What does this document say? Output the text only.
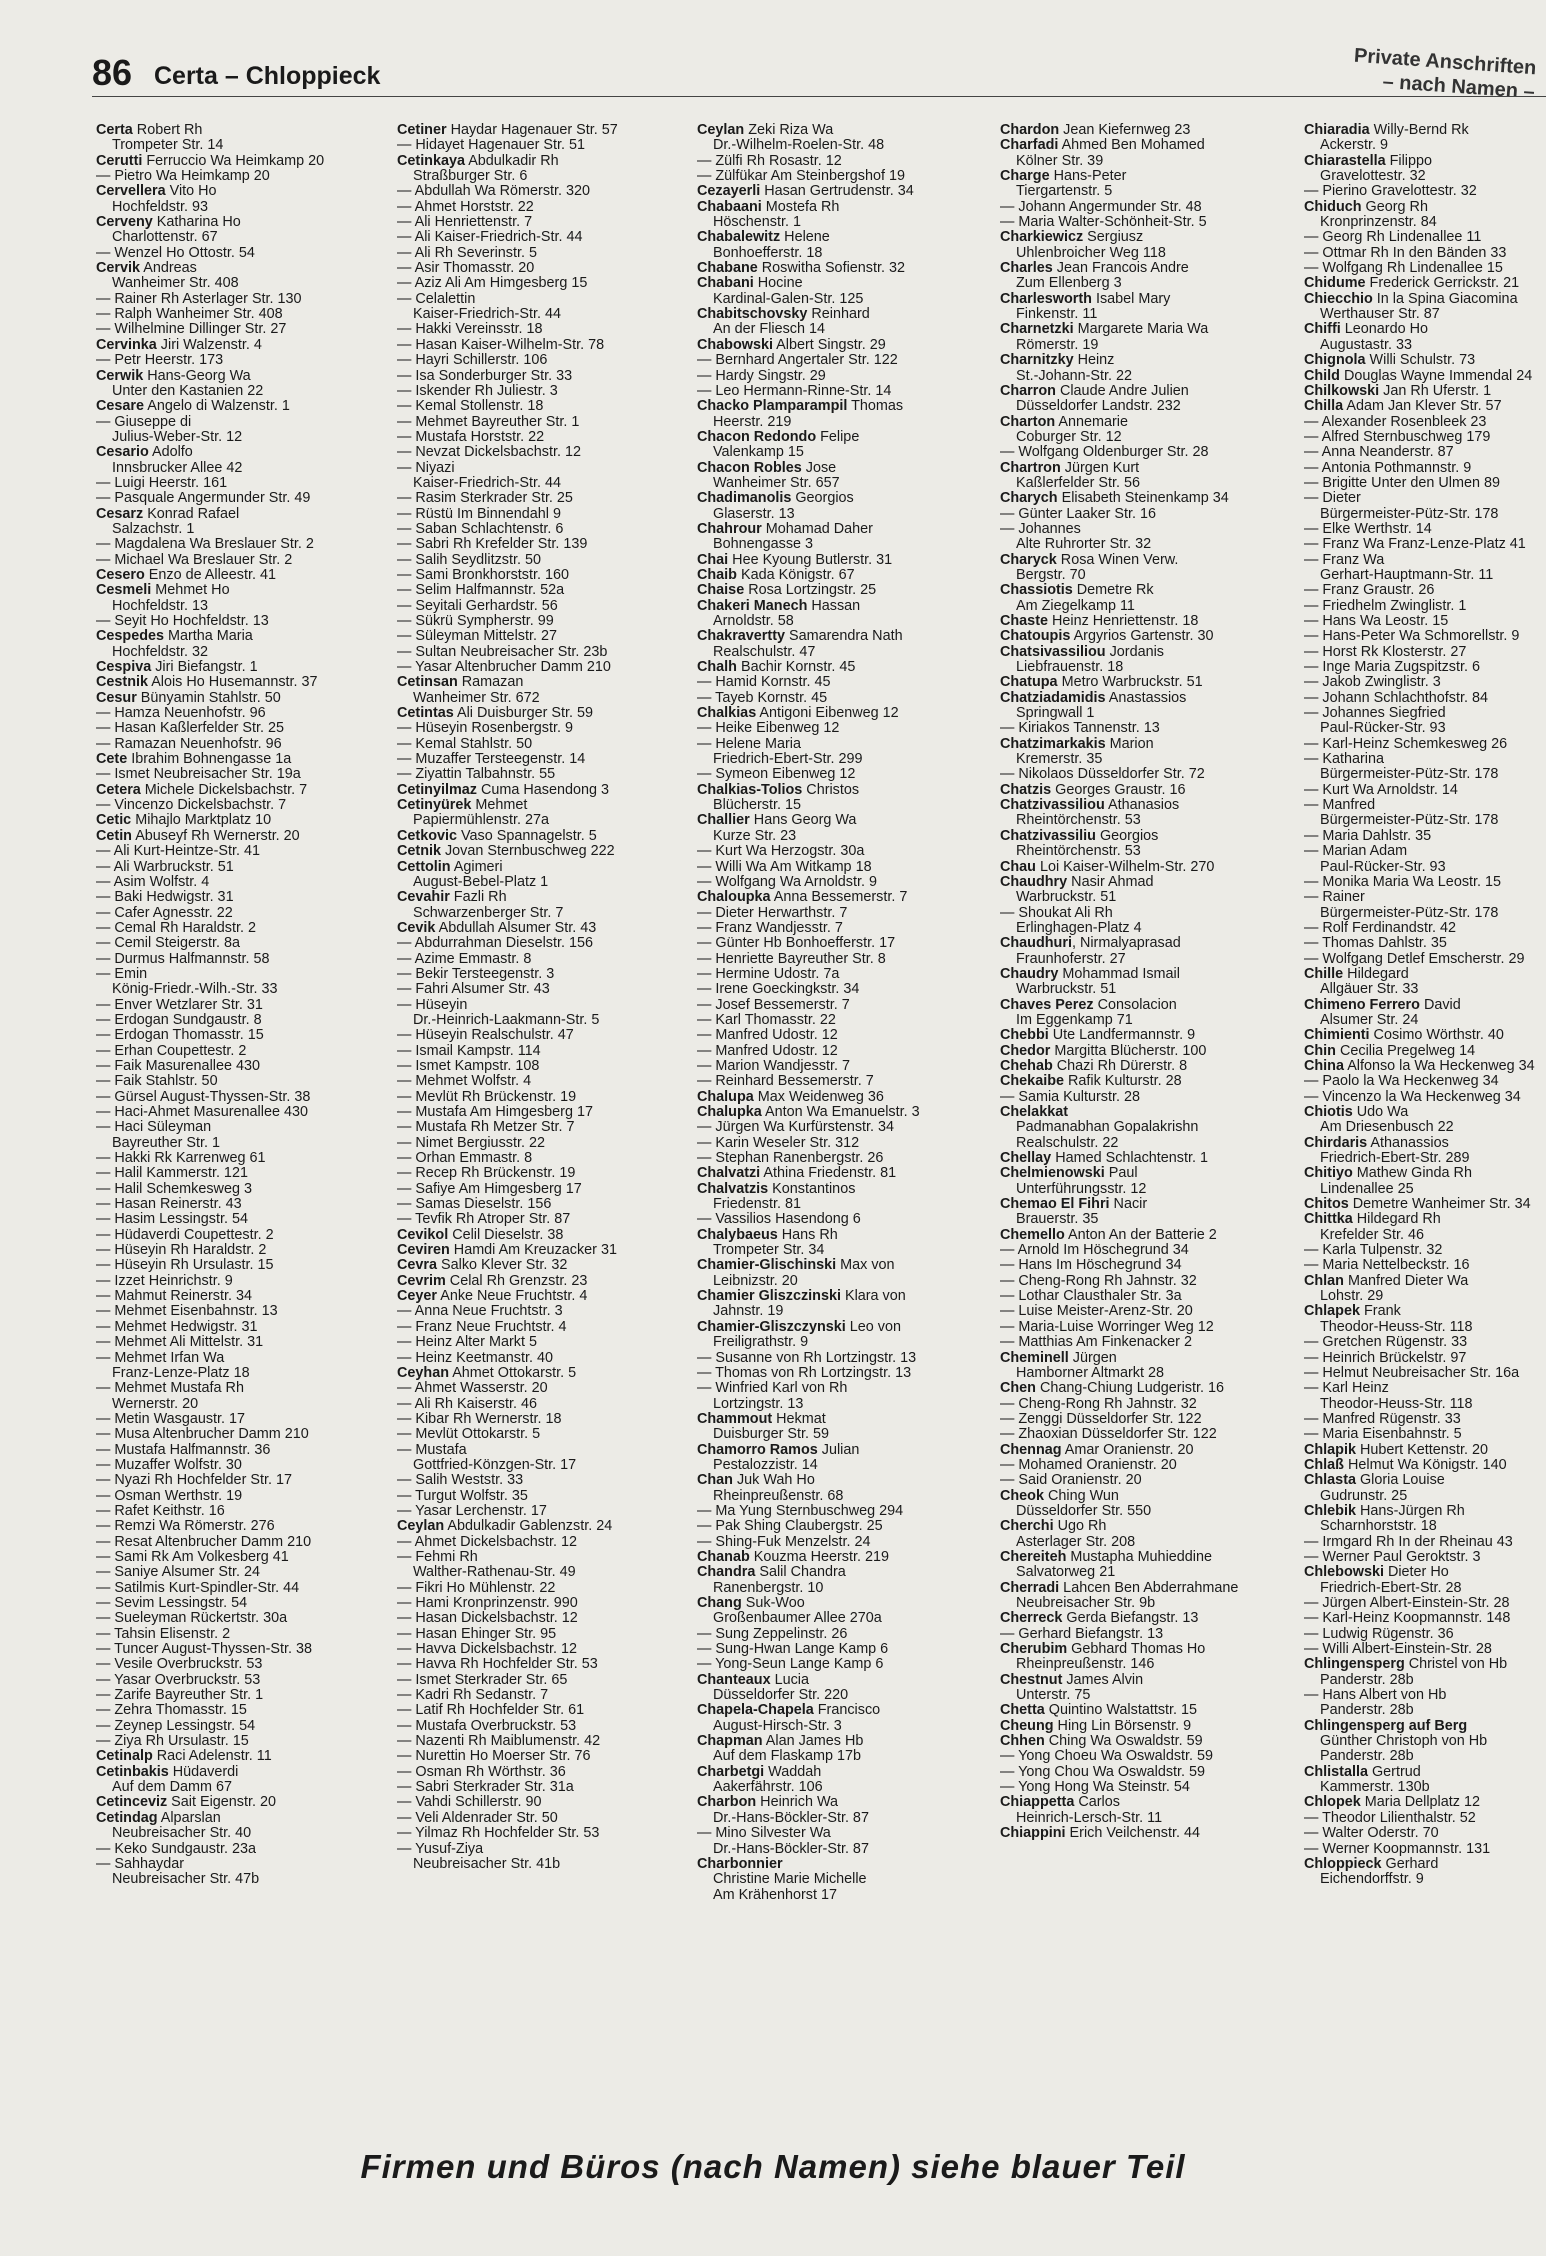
86 Certa – Chloppieck	Private Anschriften
– nach Namen –
Certa Robert Rh
Trompeter Str. 14
Cerutti Ferruccio Wa Heimkamp 20
— Pietro Wa Heimkamp 20
Cervellera Vito Ho
Hochfeldstr. 93
Cerveny Katharina Ho
Charlottenstr. 67
— Wenzel Ho Ottostr. 54
Cervik Andreas
Wanheimer Str. 408
— Rainer Rh Asterlager Str. 130
— Ralph Wanheimer Str. 408
— Wilhelmine Dillinger Str. 27
Cervinka Jiri Walzenstr. 4
— Petr Heerstr. 173
Cerwik Hans-Georg Wa
Unter den Kastanien 22
Cesare Angelo di Walzenstr. 1
— Giuseppe di
Julius-Weber-Str. 12
Cesario Adolfo
Innsbrucker Allee 42
— Luigi Heerstr. 161
— Pasquale Angermunder Str. 49
Cesarz Konrad Rafael
Salzachstr. 1
— Magdalena Wa Breslauer Str. 2
— Michael Wa Breslauer Str. 2
Cesero Enzo de Alleestr. 41
Cesmeli Mehmet Ho
Hochfeldstr. 13
— Seyit Ho Hochfeldstr. 13
Cespedes Martha Maria
Hochfeldstr. 32
Cespiva Jiri Biefangstr. 1
Cestnik Alois Ho Husemannstr. 37
Cesur Bünyamin Stahlstr. 50
— Hamza Neuenhofstr. 96
— Hasan Kaßlerfelder Str. 25
— Ramazan Neuenhofstr. 96
Cete Ibrahim Bohnengasse 1a
— Ismet Neubreisacher Str. 19a
Cetera Michele Dickelsbachstr. 7
— Vincenzo Dickelsbachstr. 7
Cetic Mihajlo Marktplatz 10
Cetin Abuseyf Rh Wernerstr. 20
— Ali Kurt-Heintze-Str. 41
— Ali Warbruckstr. 51
— Asim Wolfstr. 4
— Baki Hedwigstr. 31
— Cafer Agnesstr. 22
— Cemal Rh Haraldstr. 2
— Cemil Steigerstr. 8a
— Durmus Halfmannstr. 58
— Emin
König-Friedr.-Wilh.-Str. 33
— Enver Wetzlarer Str. 31
— Erdogan Sundgaustr. 8
— Erdogan Thomasstr. 15
— Erhan Coupettestr. 2
— Faik Masurenallee 430
— Faik Stahlstr. 50
— Gürsel August-Thyssen-Str. 38
— Haci-Ahmet Masurenallee 430
— Haci Süleyman
Bayreuther Str. 1
— Hakki Rk Karrenweg 61
— Halil Kammerstr. 121
— Halil Schemkesweg 3
— Hasan Reinerstr. 43
— Hasim Lessingstr. 54
— Hüdaverdi Coupettestr. 2
— Hüseyin Rh Haraldstr. 2
— Hüseyin Rh Ursulastr. 15
— Izzet Heinrichstr. 9
— Mahmut Reinerstr. 34
— Mehmet Eisenbahnstr. 13
— Mehmet Hedwigstr. 31
— Mehmet Ali Mittelstr. 31
— Mehmet Irfan Wa
Franz-Lenze-Platz 18
— Mehmet Mustafa Rh
Wernerstr. 20
— Metin Wasgaustr. 17
— Musa Altenbrucher Damm 210
— Mustafa Halfmannstr. 36
— Muzaffer Wolfstr. 30
— Nyazi Rh Hochfelder Str. 17
— Osman Werthstr. 19
— Rafet Keithstr. 16
— Remzi Wa Römerstr. 276
— Resat Altenbrucher Damm 210
— Sami Rk Am Volkesberg 41
— Saniye Alsumer Str. 24
— Satilmis Kurt-Spindler-Str. 44
— Sevim Lessingstr. 54
— Sueleyman Rückertstr. 30a
— Tahsin Elisenstr. 2
— Tuncer August-Thyssen-Str. 38
— Vesile Overbruckstr. 53
— Yasar Overbruckstr. 53
— Zarife Bayreuther Str. 1
— Zehra Thomasstr. 15
— Zeynep Lessingstr. 54
— Ziya Rh Ursulastr. 15
Cetinalp Raci Adelenstr. 11
Cetinbakis Hüdaverdi
Auf dem Damm 67
Cetinceviz Sait Eigenstr. 20
Cetindag Alparslan
Neubreisacher Str. 40
— Keko Sundgaustr. 23a
— Sahhaydar
Neubreisacher Str. 47b
Cetiner Haydar Hagenauer Str. 57
— Hidayet Hagenauer Str. 51
Cetinkaya Abdulkadir Rh
Straßburger Str. 6
— Abdullah Wa Römerstr. 320
— Ahmet Horststr. 22
— Ali Henriettenstr. 7
— Ali Kaiser-Friedrich-Str. 44
— Ali Rh Severinstr. 5
— Asir Thomasstr. 20
— Aziz Ali Am Himgesberg 15
— Celalettin
Kaiser-Friedrich-Str. 44
— Hakki Vereinsstr. 18
— Hasan Kaiser-Wilhelm-Str. 78
— Hayri Schillerstr. 106
— Isa Sonderburger Str. 33
— Iskender Rh Juliestr. 3
— Kemal Stollenstr. 18
— Mehmet Bayreuther Str. 1
— Mustafa Horststr. 22
— Nevzat Dickelsbachstr. 12
— Niyazi
Kaiser-Friedrich-Str. 44
— Rasim Sterkrader Str. 25
— Rüstü Im Binnendahl 9
— Saban Schlachtenstr. 6
— Sabri Rh Krefelder Str. 139
— Salih Seydlitzstr. 50
— Sami Bronkhorststr. 160
— Selim Halfmannstr. 52a
— Seyitali Gerhardstr. 56
— Sükrü Sympherstr. 99
— Süleyman Mittelstr. 27
— Sultan Neubreisacher Str. 23b
— Yasar Altenbrucher Damm 210
Cetinsan Ramazan
Wanheimer Str. 672
Cetintas Ali Duisburger Str. 59
— Hüseyin Rosenbergstr. 9
— Kemal Stahlstr. 50
— Muzaffer Tersteegenstr. 14
— Ziyattin Talbahnstr. 55
Cetinyilmaz Cuma Hasendong 3
Cetinyürek Mehmet
Papiermühlenstr. 27a
Cetkovic Vaso Spannagelstr. 5
Cetnik Jovan Sternbuschweg 222
Cettolin Agimeri
August-Bebel-Platz 1
Cevahir Fazli Rh
Schwarzenberger Str. 7
Cevik Abdullah Alsumer Str. 43
— Abdurrahman Dieselstr. 156
— Azime Emmastr. 8
— Bekir Tersteegenstr. 3
— Fahri Alsumer Str. 43
— Hüseyin
Dr.-Heinrich-Laakmann-Str. 5
— Hüseyin Realschulstr. 47
— Ismail Kampstr. 114
— Ismet Kampstr. 108
— Mehmet Wolfstr. 4
— Mevlüt Rh Brückenstr. 19
— Mustafa Am Himgesberg 17
— Mustafa Rh Metzer Str. 7
— Nimet Bergiusstr. 22
— Orhan Emmastr. 8
— Recep Rh Brückenstr. 19
— Safiye Am Himgesberg 17
— Samas Dieselstr. 156
— Tevfik Rh Atroper Str. 87
Cevikol Celil Dieselstr. 38
Ceviren Hamdi Am Kreuzacker 31
Cevra Salko Klever Str. 32
Cevrim Celal Rh Grenzstr. 23
Ceyer Anke Neue Fruchtstr. 4
— Anna Neue Fruchtstr. 3
— Franz Neue Fruchtstr. 4
— Heinz Alter Markt 5
— Heinz Keetmanstr. 40
Ceyhan Ahmet Ottokarstr. 5
— Ahmet Wasserstr. 20
— Ali Rh Kaiserstr. 46
— Kibar Rh Wernerstr. 18
— Mevlüt Ottokarstr. 5
— Mustafa
Gottfried-Könzgen-Str. 17
— Salih Weststr. 33
— Turgut Wolfstr. 35
— Yasar Lerchenstr. 17
Ceylan Abdulkadir Gablenzstr. 24
— Ahmet Dickelsbachstr. 12
— Fehmi Rh
Walther-Rathenau-Str. 49
— Fikri Ho Mühlenstr. 22
— Hami Kronprinzenstr. 990
— Hasan Dickelsbachstr. 12
— Hasan Ehinger Str. 95
— Havva Dickelsbachstr. 12
— Havva Rh Hochfelder Str. 53
— Ismet Sterkrader Str. 65
— Kadri Rh Sedanstr. 7
— Latif Rh Hochfelder Str. 61
— Mustafa Overbruckstr. 53
— Nazenti Rh Maiblumenstr. 42
— Nurettin Ho Moerser Str. 76
— Osman Rh Wörthstr. 36
— Sabri Sterkrader Str. 31a
— Vahdi Schillerstr. 90
— Veli Aldenrader Str. 50
— Yilmaz Rh Hochfelder Str. 53
— Yusuf-Ziya
Neubreisacher Str. 41b
Ceylan Zeki Riza Wa
Dr.-Wilhelm-Roelen-Str. 48
— Zülfi Rh Rosastr. 12
— Zülfükar Am Steinbergshof 19
Cezayerli Hasan Gertrudenstr. 34
Chabaani Mostefa Rh
Höschenstr. 1
Chabalewitz Helene
Bonhoefferstr. 18
Chabane Roswitha Sofienstr. 32
Chabani Hocine
Kardinal-Galen-Str. 125
Chabitschovsky Reinhard
An der Fliesch 14
Chabowski Albert Singstr. 29
— Bernhard Angertaler Str. 122
— Hardy Singstr. 29
— Leo Hermann-Rinne-Str. 14
Chacko Plamparampil Thomas
Heerstr. 219
Chacon Redondo Felipe
Valenkamp 15
Chacon Robles Jose
Wanheimer Str. 657
Chadimanolis Georgios
Glaserstr. 13
Chahrour Mohamad Daher
Bohnengasse 3
Chai Hee Kyoung Butlerstr. 31
Chaib Kada Königstr. 67
Chaise Rosa Lortzingstr. 25
Chakeri Manech Hassan
Arnoldstr. 58
Chakravertty Samarendra Nath
Realschulstr. 47
Chalh Bachir Kornstr. 45
— Hamid Kornstr. 45
— Tayeb Kornstr. 45
Chalkias Antigoni Eibenweg 12
— Heike Eibenweg 12
— Helene Maria
Friedrich-Ebert-Str. 299
— Symeon Eibenweg 12
Chalkias-Tolios Christos
Blücherstr. 15
Challier Hans Georg Wa
Kurze Str. 23
— Kurt Wa Herzogstr. 30a
— Willi Wa Am Witkamp 18
— Wolfgang Wa Arnoldstr. 9
Chaloupka Anna Bessemerstr. 7
— Dieter Herwarthstr. 7
— Franz Wandjesstr. 7
— Günter Hb Bonhoefferstr. 17
— Henriette Bayreuther Str. 8
— Hermine Udostr. 7a
— Irene Goeckingkstr. 34
— Josef Bessemerstr. 7
— Karl Thomasstr. 22
— Manfred Udostr. 12
— Manfred Udostr. 12
— Marion Wandjesstr. 7
— Reinhard Bessemerstr. 7
Chalupa Max Weidenweg 36
Chalupka Anton Wa Emanuelstr. 3
— Jürgen Wa Kurfürstenstr. 34
— Karin Weseler Str. 312
— Stephan Ranenbergstr. 26
Chalvatzi Athina Friedenstr. 81
Chalvatzis Konstantinos
Friedenstr. 81
— Vassilios Hasendong 6
Chalybaeus Hans Rh
Trompeter Str. 34
Chamier-Glischinski Max von
Leibnizstr. 20
Chamier Gliszczinski Klara von
Jahnstr. 19
Chamier-Gliszczynski Leo von
Freiligrathstr. 9
— Susanne von Rh Lortzingstr. 13
— Thomas von Rh Lortzingstr. 13
— Winfried Karl von Rh
Lortzingstr. 13
Chammout Hekmat
Duisburger Str. 59
Chamorro Ramos Julian
Pestalozzistr. 14
Chan Juk Wah Ho
Rheinpreußenstr. 68
— Ma Yung Sternbuschweg 294
— Pak Shing Claubergstr. 25
— Shing-Fuk Menzelstr. 24
Chanab Kouzma Heerstr. 219
Chandra Salil Chandra
Ranenbergstr. 10
Chang Suk-Woo
Großenbaumer Allee 270a
— Sung Zeppelinstr. 26
— Sung-Hwan Lange Kamp 6
— Yong-Seun Lange Kamp 6
Chanteaux Lucia
Düsseldorfer Str. 220
Chapela-Chapela Francisco
August-Hirsch-Str. 3
Chapman Alan James Hb
Auf dem Flaskamp 17b
Charbetgi Waddah
Aakerfährstr. 106
Charbon Heinrich Wa
Dr.-Hans-Böckler-Str. 87
— Mino Silvester Wa
Dr.-Hans-Böckler-Str. 87
Charbonnier
Christine Marie Michelle
Am Krähenhorst 17
Chardon Jean Kiefernweg 23
Charfadi Ahmed Ben Mohamed
Kölner Str. 39
Charge Hans-Peter
Tiergartenstr. 5
— Johann Angermunder Str. 48
— Maria Walter-Schönheit-Str. 5
Charkiewicz Sergiusz
Uhlenbroicher Weg 118
Charles Jean Francois Andre
Zum Ellenberg 3
Charlesworth Isabel Mary
Finkenstr. 11
Charnetzki Margarete Maria Wa
Römerstr. 19
Charnitzky Heinz
St.-Johann-Str. 22
Charron Claude Andre Julien
Düsseldorfer Landstr. 232
Charton Annemarie
Coburger Str. 12
— Wolfgang Oldenburger Str. 28
Chartron Jürgen Kurt
Kaßlerfelder Str. 56
Charych Elisabeth Steinenkamp 34
— Günter Laaker Str. 16
— Johannes
Alte Ruhrorter Str. 32
Charyck Rosa Winen Verw.
Bergstr. 70
Chassiotis Demetre Rk
Am Ziegelkamp 11
Chaste Heinz Henriettenstr. 18
Chatoupis Argyrios Gartenstr. 30
Chatsivassiliou Jordanis
Liebfrauenstr. 18
Chatupa Metro Warbruckstr. 51
Chatziadamidis Anastassios
Springwall 1
— Kiriakos Tannenstr. 13
Chatzimarkakis Marion
Kremerstr. 35
— Nikolaos Düsseldorfer Str. 72
Chatzis Georges Graustr. 16
Chatzivassiliou Athanasios
Rheintörchenstr. 53
Chatzivassiliu Georgios
Rheintörchenstr. 53
Chau Loi Kaiser-Wilhelm-Str. 270
Chaudhry Nasir Ahmad
Warbruckstr. 51
— Shoukat Ali Rh
Erlinghagen-Platz 4
Chaudhuri, Nirmalyaprasad
Fraunhoferstr. 27
Chaudry Mohammad Ismail
Warbruckstr. 51
Chaves Perez Consolacion
Im Eggenkamp 71
Chebbi Ute Landfermannstr. 9
Chedor Margitta Blücherstr. 100
Chehab Chazi Rh Dürerstr. 8
Chekaibe Rafik Kulturstr. 28
— Samia Kulturstr. 28
Chelakkat
Padmanabhan Gopalakrishn
Realschulstr. 22
Chellay Hamed Schlachtenstr. 1
Chelmienowski Paul
Unterführungsstr. 12
Chemao El Fihri Nacir
Brauerstr. 35
Chemello Anton An der Batterie 2
— Arnold Im Höschegrund 34
— Hans Im Höschegrund 34
— Cheng-Rong Rh Jahnstr. 32
— Lothar Clausthaler Str. 3a
— Luise Meister-Arenz-Str. 20
— Maria-Luise Worringer Weg 12
— Matthias Am Finkenacker 2
Cheminell Jürgen
Hamborner Altmarkt 28
Chen Chang-Chiung Ludgeristr. 16
— Cheng-Rong Rh Jahnstr. 32
— Zenggi Düsseldorfer Str. 122
— Zhaoxian Düsseldorfer Str. 122
Chennag Amar Oranienstr. 20
— Mohamed Oranienstr. 20
— Said Oranienstr. 20
Cheok Ching Wun
Düsseldorfer Str. 550
Cherchi Ugo Rh
Asterlager Str. 208
Chereiteh Mustapha Muhieddine
Salvatorweg 21
Cherradi Lahcen Ben Abderrahmane
Neubreisacher Str. 9b
Cherreck Gerda Biefangstr. 13
— Gerhard Biefangstr. 13
Cherubim Gebhard Thomas Ho
Rheinpreußenstr. 146
Chestnut James Alvin
Unterstr. 75
Chetta Quintino Walstattstr. 15
Cheung Hing Lin Börsenstr. 9
Chhen Ching Wa Oswaldstr. 59
— Yong Choeu Wa Oswaldstr. 59
— Yong Chou Wa Oswaldstr. 59
— Yong Hong Wa Steinstr. 54
Chiappetta Carlos
Heinrich-Lersch-Str. 11
Chiappini Erich Veilchenstr. 44
Chiaradia Willy-Bernd Rk
Ackerstr. 9
Chiarastella Filippo
Gravelottestr. 32
— Pierino Gravelottestr. 32
Chiduch Georg Rh
Kronprinzenstr. 84
— Georg Rh Lindenallee 11
— Ottmar Rh In den Bänden 33
— Wolfgang Rh Lindenallee 15
Chidume Frederick Gerrickstr. 21
Chiecchio In la Spina Giacomina
Werthauser Str. 87
Chiffi Leonardo Ho
Augustastr. 33
Chignola Willi Schulstr. 73
Child Douglas Wayne Immendal 24
Chilkowski Jan Rh Uferstr. 1
Chilla Adam Jan Klever Str. 57
— Alexander Rosenbleek 23
— Alfred Sternbuschweg 179
— Anna Neanderstr. 87
— Antonia Pothmannstr. 9
— Brigitte Unter den Ulmen 89
— Dieter
Bürgermeister-Pütz-Str. 178
— Elke Werthstr. 14
— Franz Wa Franz-Lenze-Platz 41
— Franz Wa
Gerhart-Hauptmann-Str. 11
— Franz Graustr. 26
— Friedhelm Zwinglistr. 1
— Hans Wa Leostr. 15
— Hans-Peter Wa Schmorellstr. 9
— Horst Rk Klosterstr. 27
— Inge Maria Zugspitzstr. 6
— Jakob Zwinglistr. 3
— Johann Schlachthofstr. 84
— Johannes Siegfried
Paul-Rücker-Str. 93
— Karl-Heinz Schemkesweg 26
— Katharina
Bürgermeister-Pütz-Str. 178
— Kurt Wa Arnoldstr. 14
— Manfred
Bürgermeister-Pütz-Str. 178
— Maria Dahlstr. 35
— Marian Adam
Paul-Rücker-Str. 93
— Monika Maria Wa Leostr. 15
— Rainer
Bürgermeister-Pütz-Str. 178
— Rolf Ferdinandstr. 42
— Thomas Dahlstr. 35
— Wolfgang Detlef Emscherstr. 29
Chille Hildegard
Allgäuer Str. 33
Chimeno Ferrero David
Alsumer Str. 24
Chimienti Cosimo Wörthstr. 40
Chin Cecilia Pregelweg 14
China Alfonso la Wa Heckenweg 34
— Paolo la Wa Heckenweg 34
— Vincenzo la Wa Heckenweg 34
Chiotis Udo Wa
Am Driesenbusch 22
Chirdaris Athanassios
Friedrich-Ebert-Str. 289
Chitiyo Mathew Ginda Rh
Lindenallee 25
Chitos Demetre Wanheimer Str. 34
Chittka Hildegard Rh
Krefelder Str. 46
— Karla Tulpenstr. 32
— Maria Nettelbeckstr. 16
Chlan Manfred Dieter Wa
Lohstr. 29
Chlapek Frank
Theodor-Heuss-Str. 118
— Gretchen Rügenstr. 33
— Heinrich Brückelstr. 97
— Helmut Neubreisacher Str. 16a
— Karl Heinz
Theodor-Heuss-Str. 118
— Manfred Rügenstr. 33
— Maria Eisenbahnstr. 5
Chlapik Hubert Kettenstr. 20
Chlaß Helmut Wa Königstr. 140
Chlasta Gloria Louise
Gudrunstr. 25
Chlebik Hans-Jürgen Rh
Scharnhorststr. 18
— Irmgard Rh In der Rheinau 43
— Werner Paul Geroktstr. 3
Chlebowski Dieter Ho
Friedrich-Ebert-Str. 28
— Jürgen Albert-Einstein-Str. 28
— Karl-Heinz Koopmannstr. 148
— Ludwig Rügenstr. 36
— Willi Albert-Einstein-Str. 28
Chlingensperg Christel von Hb
Panderstr. 28b
— Hans Albert von Hb
Panderstr. 28b
Chlingensperg auf Berg
Günther Christoph von Hb
Panderstr. 28b
Chlistalla Gertrud
Kammerstr. 130b
Chlopek Maria Dellplatz 12
— Theodor Lilienthalstr. 52
— Walter Oderstr. 70
— Werner Koopmannstr. 131
Chloppieck Gerhard
Eichendorffstr. 9
Firmen und Büros (nach Namen) siehe blauer Teil
